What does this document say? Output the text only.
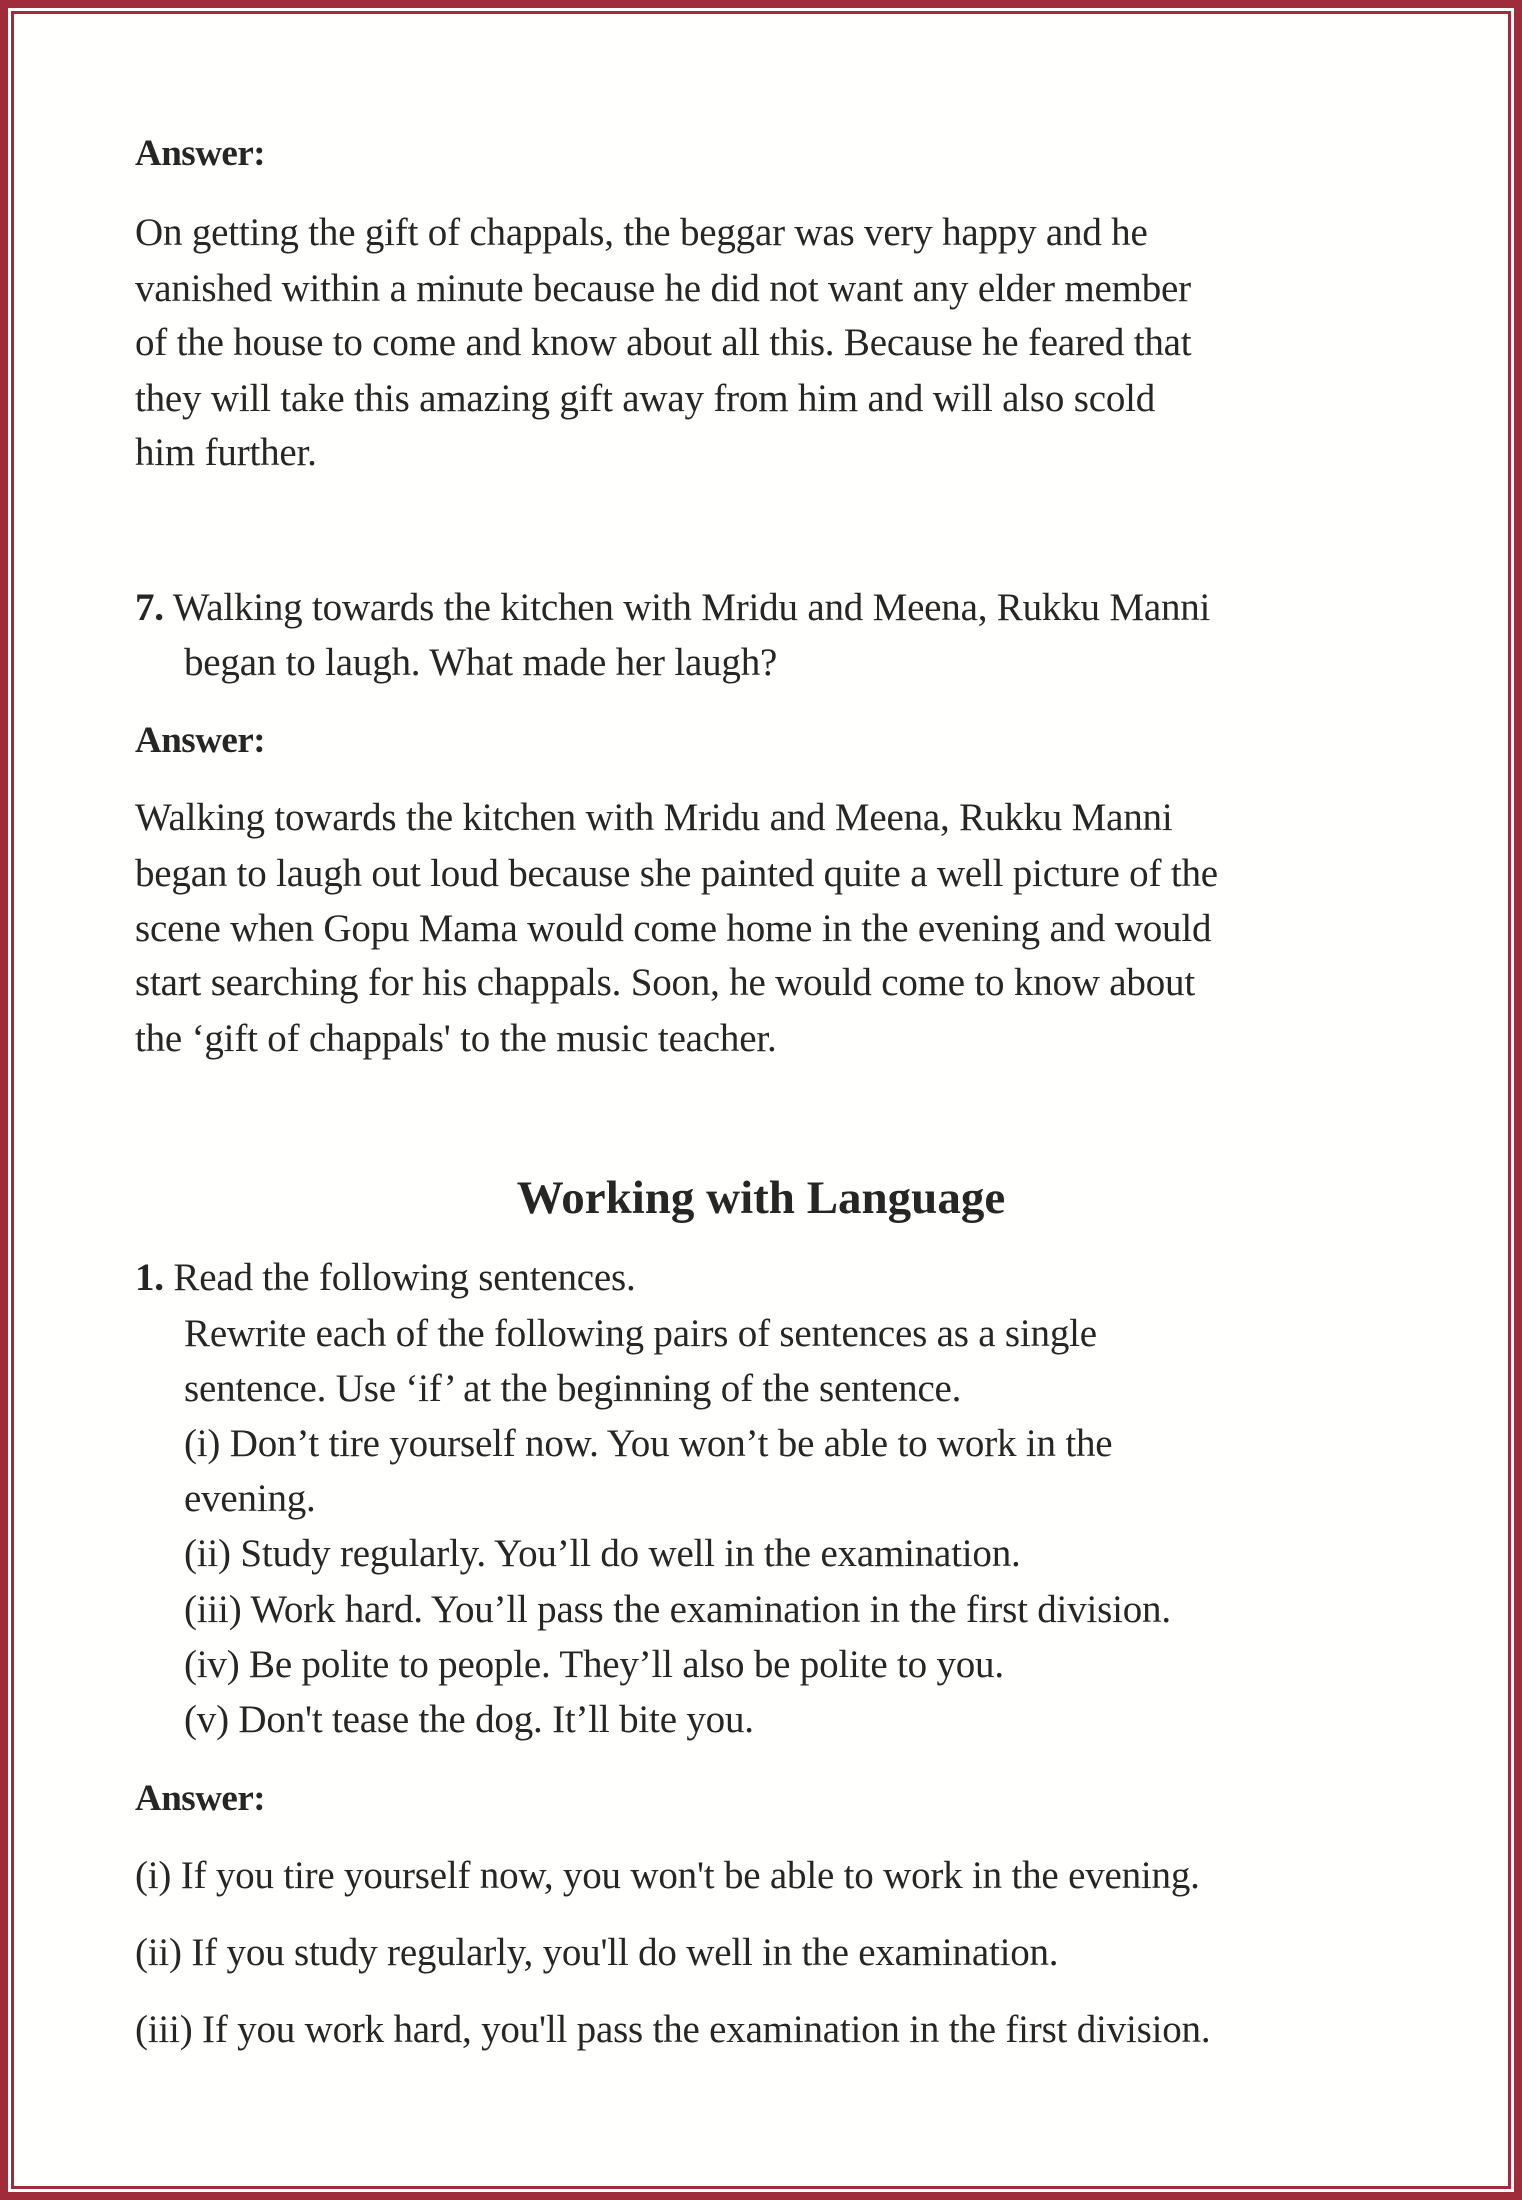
Answer:
On getting the gift of chappals, the beggar was very happy and he
vanished within a minute because he did not want any elder member
of the house to come and know about all this. Because he feared that
they will take this amazing gift away from him and will also scold
him further.
7. Walking towards the kitchen with Mridu and Meena, Rukku Manni
began to laugh. What made her laugh?
Answer:
Walking towards the kitchen with Mridu and Meena, Rukku Manni
began to laugh out loud because she painted quite a well picture of the
scene when Gopu Mama would come home in the evening and would
start searching for his chappals. Soon, he would come to know about
the ‘gift of chappals' to the music teacher.
Working with Language
1. Read the following sentences.
Rewrite each of the following pairs of sentences as a single
sentence. Use ‘if’ at the beginning of the sentence.
(i) Don’t tire yourself now. You won’t be able to work in the
evening.
(ii) Study regularly. You’ll do well in the examination.
(iii) Work hard. You’ll pass the examination in the first division.
(iv) Be polite to people. They’ll also be polite to you.
(v) Don't tease the dog. It’ll bite you.
Answer:
(i) If you tire yourself now, you won't be able to work in the evening.
(ii) If you study regularly, you'll do well in the examination.
(iii) If you work hard, you'll pass the examination in the first division.
